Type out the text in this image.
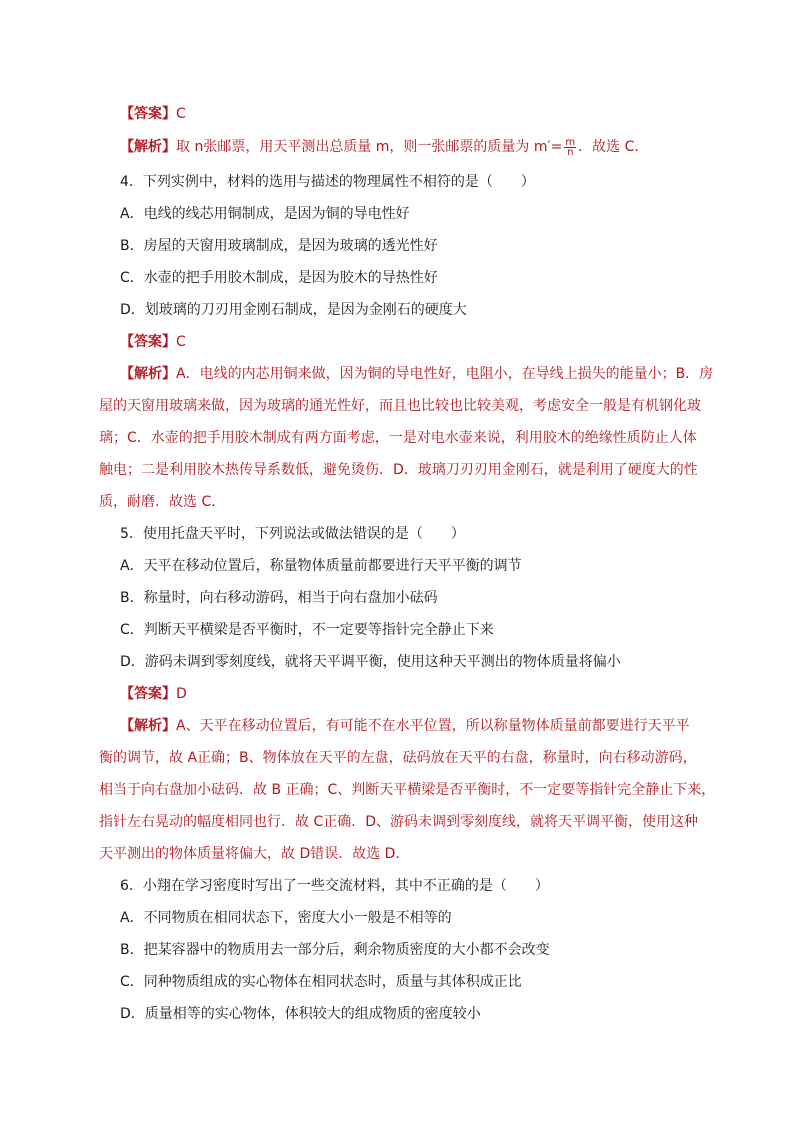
【答案】C
【解析】取 n张邮票，用天平测出总质量 m，则一张邮票的质量为 $m'= \frac{m}{n}$ ．故选 C．
4．下列实例中，材料的选用与描述的物理属性不相符的是（　　）
A．电线的线芯用铜制成，是因为铜的导电性好
B．房屋的天窗用玻璃制成，是因为玻璃的透光性好
C．水壶的把手用胶木制成，是因为胶木的导热性好
D．划玻璃的刀刃用金刚石制成，是因为金刚石的硬度大
【答案】C
【解析】A．电线的内芯用铜来做，因为铜的导电性好，电阻小，在导线上损失的能量小；B．房
屋的天窗用玻璃来做，因为玻璃的通光性好，而且也比较也比较美观，考虑安全一般是有机钢化玻
璃；C．水壶的把手用胶木制成有两方面考虑，一是对电水壶来说，利用胶木的绝缘性质防止人体
触电；二是利用胶木热传导系数低，避免烫伤．D．玻璃刀刃刃用金刚石，就是利用了硬度大的性
质，耐磨．故选 C．
5．使用托盘天平时，下列说法或做法错误的是（　　）
A．天平在移动位置后，称量物体质量前都要进行天平平衡的调节
B．称量时，向右移动游码，相当于向右盘加小砝码
C．判断天平横梁是否平衡时，不一定要等指针完全静止下来
D．游码未调到零刻度线，就将天平调平衡，使用这种天平测出的物体质量将偏小
【答案】D
【解析】A、天平在移动位置后，有可能不在水平位置，所以称量物体质量前都要进行天平平
衡的调节，故 A正确；B、物体放在天平的左盘，砝码放在天平的右盘，称量时，向右移动游码，
相当于向右盘加小砝码．故 B 正确；C、判断天平横梁是否平衡时，不一定要等指针完全静止下来，
指针左右晃动的幅度相同也行．故 C正确．D、游码未调到零刻度线，就将天平调平衡，使用这种
天平测出的物体质量将偏大，故 D错误．故选 D．
6．小翔在学习密度时写出了一些交流材料，其中不正确的是（　　）
A．不同物质在相同状态下，密度大小一般是不相等的
B．把某容器中的物质用去一部分后，剩余物质密度的大小都不会改变
C．同种物质组成的实心物体在相同状态时，质量与其体积成正比
D．质量相等的实心物体，体积较大的组成物质的密度较小
